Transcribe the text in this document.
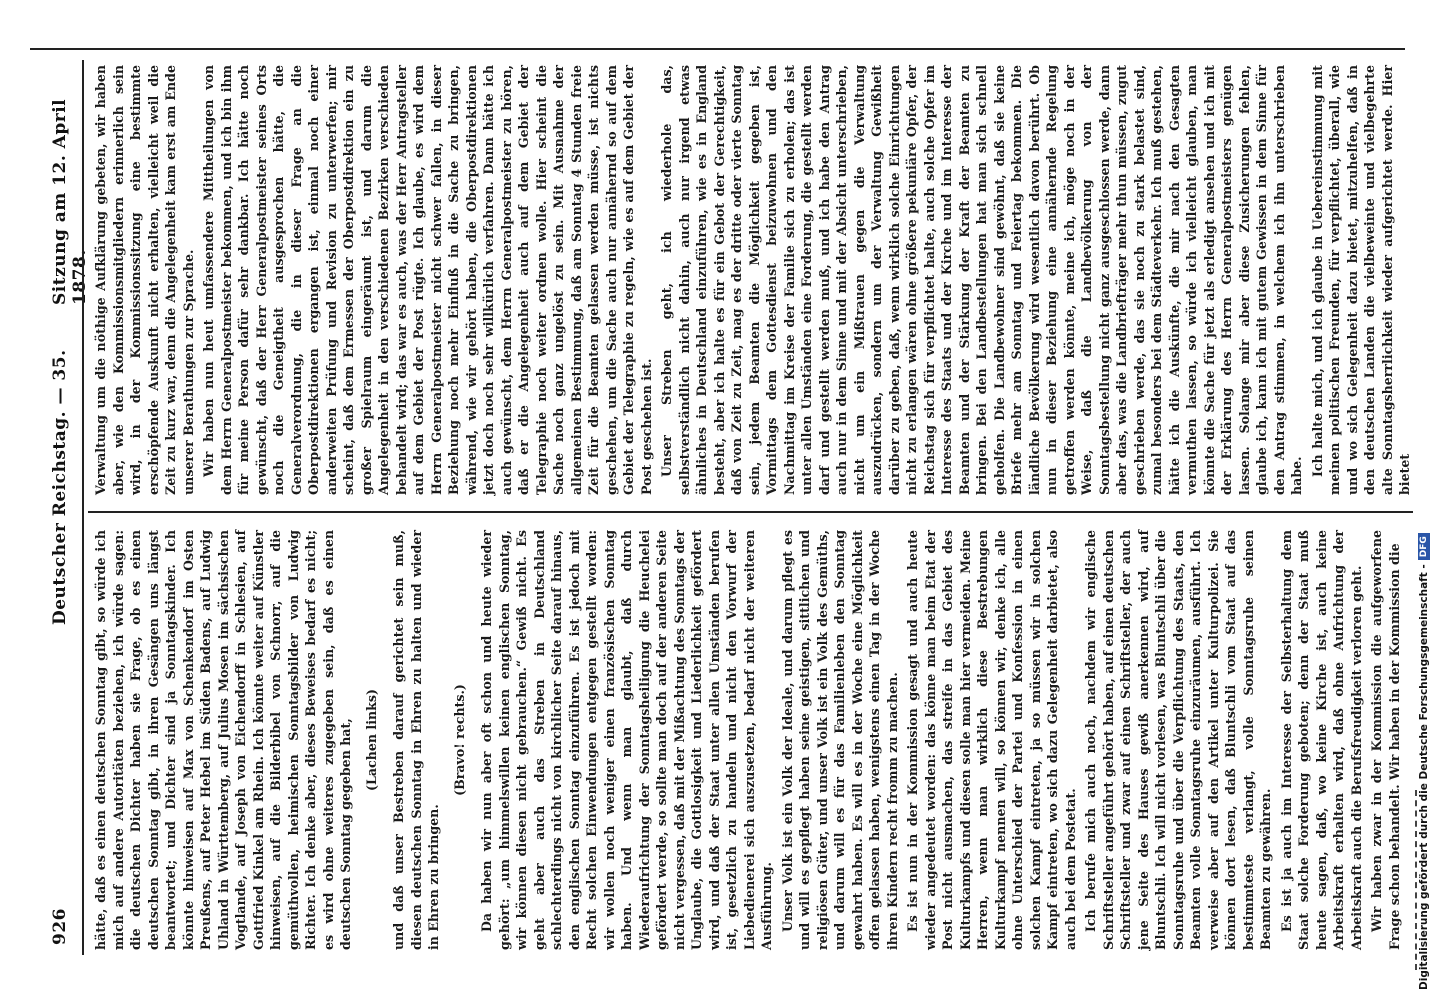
926
Deutscher Reichstag. — 35.
Sitzung am 12. April 1878.

hätte, daß es einen deutschen Sonntag gibt, so würde ich mich auf andere Autoritäten beziehen, ich würde sagen: die deutschen Dichter haben sie Frage, ob es einen deutschen Sonntag gibt, in ihren Gesängen uns längst beantwortet; und Dichter sind ja Sonntagskinder. Ich könnte hinweisen auf Max von Schenkendorf im Osten Preußens, auf Peter Hebel im Süden Badens, auf Ludwig Uhland in Württemberg, auf Julius Mosen im sächsischen Vogtlande, auf Joseph von Eichendorff in Schlesien, auf Gottfried Kinkel am Rhein. Ich könnte weiter auf Künstler hinweisen, auf die Bilderbibel von Schnorr, auf die gemüthvollen, heimischen Sonntagsbilder von Ludwig Richter. Ich denke aber, dieses Beweises bedarf es nicht; es wird ohne weiteres zugegeben sein, daß es einen deutschen Sonntag gegeben hat, (Lachen links) und daß unser Bestreben darauf gerichtet sein muß, diesen deutschen Sonntag in Ehren zu halten und wieder in Ehren zu bringen.

(Bravo! rechts.) Da haben wir nun aber oft schon und heute wieder gehört: „um himmelswillen keinen englischen Sonntag, wir können diesen nicht gebrauchen.“ Gewiß nicht. Es geht aber auch das Streben in Deutschland schlechterdings nicht von kirchlicher Seite darauf hinaus, den englischen Sonntag einzuführen. Es ist jedoch mit Recht solchen Einwendungen entgegen gestellt worden: wir wollen noch weniger einen französischen Sonntag haben. Und wenn man glaubt, daß durch Wiederaufrichtung der Sonntagsheiligung die Heuchelei gefördert werde, so sollte man doch auf der anderen Seite nicht vergessen, daß mit der Mißachtung des Sonntags der Unglaube, die Gottlosigkeit und Liederlichkeit gefördert wird, und daß der Staat unter allen Umständen berufen ist, gesetzlich zu handeln und nicht den Vorwurf der Liebedienerei sich auszusetzen, bedarf nicht der weiteren Ausführung. Unser Volk ist ein Volk der Ideale, und darum pflegt es und will es gepflegt haben seine geistigen, sittlichen und religiösen Güter, und unser Volk ist ein Volk des Gemüths, und darum will es für das Familienleben den Sonntag gewahrt haben. Es will es in der Woche eine Möglichkeit offen gelassen haben, wenigstens einen Tag in der Woche ihren Kindern recht fromm zu machen. Es ist nun in der Kommission gesagt und auch heute wieder angedeutet worden: das könne man beim Etat der Post nicht ausmachen, das streife in das Gebiet des Kulturkampfs und diesen solle man hier vermeiden. Meine Herren, wenn man wirklich diese Bestrebungen Kulturkampf nennen will, so können wir, denke ich, alle ohne Unterschied der Partei und Konfession in einen solchen Kampf eintreten, ja so müssen wir in solchen Kampf eintreten, wo sich dazu Gelegenheit darbietet, also auch bei dem Postetat. Ich berufe mich auch noch, nachdem wir englische Schriftsteller angeführt gehört haben, auf einen deutschen Schriftsteller und zwar auf einen Schriftsteller, der auch jene Seite des Hauses gewiß anerkennen wird, auf Bluntschli. Ich will nicht vorlesen, was Bluntschli über die Sonntagsruhe und über die Verpflichtung des Staats, den Beamten volle Sonntagsruhe einzuräumen, ausführt. Ich verweise aber auf den Artikel unter Kulturpolizei. Sie können dort lesen, daß Bluntschli vom Staat auf das bestimmteste verlangt, volle Sonntagsruhe seinen Beamten zu gewähren. Es ist ja auch im Interesse der Selbsterhaltung dem Staat solche Forderung geboten; denn der Staat muß heute sagen, daß, wo keine Kirche ist, auch keine Arbeitskraft erhalten wird, daß ohne Aufrichtung der Arbeitskraft auch die Berufsfreudigkeit verloren geht. Wir haben zwar in der Kommission die aufgeworfene Frage schon behandelt. Wir haben in der Kommission die

Verwaltung um die nöthige Aufklärung gebeten, wir haben aber, wie den Kommissionsmitgliedern erinnerlich sein wird, in der Kommissionssitzung eine bestimmte erschöpfende Auskunft nicht erhalten, vielleicht weil die Zeit zu kurz war, denn die Angelegenheit kam erst am Ende unserer Berathungen zur Sprache. Wir haben nun heut umfassendere Mittheilungen von dem Herrn Generalpostmeister bekommen, und ich bin ihm für meine Person dafür sehr dankbar. Ich hätte noch gewünscht, daß der Herr Generalpostmeister seines Orts noch die Geneigtheit ausgesprochen hätte, die Generalverordnung, die in dieser Frage an die Oberpostdirektionen ergangen ist, einmal noch einer anderweiten Prüfung und Revision zu unterwerfen; mir scheint, daß dem Ermessen der Oberpostdirektion ein zu großer Spielraum eingeräumt ist, und darum die Angelegenheit in den verschiedenen Bezirken verschieden behandelt wird; das war es auch, was der Herr Antragsteller auf dem Gebiet der Post rügte. Ich glaube, es wird dem Herrn Generalpostmeister nicht schwer fallen, in dieser Beziehung noch mehr Einfluß in die Sache zu bringen, während, wie wir gehört haben, die Oberpostdirektionen jetzt doch noch sehr willkürlich verfahren. Dann hätte ich auch gewünscht, dem Herrn Generalpostmeister zu hören, daß er die Angelegenheit auch auf dem Gebiet der Telegraphie noch weiter ordnen wolle. Hier scheint die Sache noch ganz ungelöst zu sein. Mit Ausnahme der allgemeinen Bestimmung, daß am Sonntag 4 Stunden freie Zeit für die Beamten gelassen werden müsse, ist nichts geschehen, um die Sache auch nur annähernd so auf dem Gebiet der Telegraphie zu regeln, wie es auf dem Gebiet der Post geschehen ist. Unser Streben geht, ich wiederhole das, selbstverständlich nicht dahin, auch nur irgend etwas ähnliches in Deutschland einzuführen, wie es in England besteht, aber ich halte es für ein Gebot der Gerechtigkeit, daß von Zeit zu Zeit, mag es der dritte oder vierte Sonntag sein, jedem Beamten die Möglichkeit gegeben ist, Vormittags dem Gottesdienst beizuwohnen und den Nachmittag im Kreise der Familie sich zu erholen; das ist unter allen Umständen eine Forderung, die gestellt werden darf und gestellt werden muß, und ich habe den Antrag auch nur in dem Sinne und mit der Absicht unterschrieben, nicht um ein Mißtrauen gegen die Verwaltung auszudrücken, sondern um der Verwaltung Gewißheit darüber zu geben, daß, wenn wirklich solche Einrichtungen nicht zu erlangen wären ohne größere pekuniäre Opfer, der Reichstag sich für verpflichtet halte, auch solche Opfer im Interesse des Staats und der Kirche und im Interesse der Beamten und der Stärkung der Kraft der Beamten zu bringen. Bei den Landbestellungen hat man sich schnell geholfen. Die Landbewohner sind gewöhnt, daß sie keine Briefe mehr am Sonntag und Feiertag bekommen. Die ländliche Bevölkerung wird wesentlich davon berührt. Ob nun in dieser Beziehung eine annähernde Regelung getroffen werden könnte, meine ich, möge noch in der Weise, daß die Landbevölkerung von der Sonntagsbestellung nicht ganz ausgeschlossen werde, dann aber das, was die Landbriefträger mehr thun müssen, zugut geschrieben werde, das sie noch zu stark belastet sind, zumal besonders bei dem Städteverkehr. Ich muß gestehen, hätte ich die Auskünfte, die mir nach den Gesagten vermuthen lassen, so würde ich vielleicht glauben, man könnte die Sache für jetzt als erledigt ansehen und ich mit der Erklärung des Herrn Generalpostmeisters genügen lassen. Solange mir aber diese Zusicherungen fehlen, glaube ich, kann ich mit gutem Gewissen in dem Sinne für den Antrag stimmen, in welchem ich ihn unterschrieben habe. Ich halte mich, und ich glaube in Uebereinstimmung mit meinen politischen Freunden, für verpflichtet, überall, wie und wo sich Gelegenheit dazu bietet, mitzuhelfen, daß in den deutschen Landen die vielbeweinte und vielbegehrte alte Sonntagsherrlichkeit wieder aufgerichtet werde. Hier bietet

Digitalisierung gefördert durch die Deutsche Forschungsgemeinschaft -DFG
